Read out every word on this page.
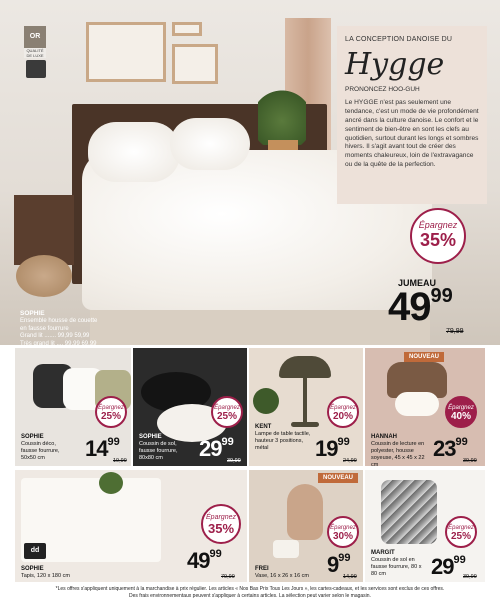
OR
QUALITÉ DE LUXE
LA CONCEPTION DANOISE DU
Hygge
PRONONCEZ HOO-GUH
Le HYGGE n'est pas seulement une tendance, c'est un mode de vie profondément ancré dans la culture danoise. Le confort et le sentiment de bien-être en sont les clefs au quotidien, surtout durant les longs et sombres hivers. Il s'agit avant tout de créer des moments chaleureux, loin de l'extravagance ou de la quête de la perfection.
Épargnez
35%
JUMEAU
4999
79,99
SOPHIE
Ensemble housse de couette
en fausse fourrure
Grand lit ....... 99,99 59,99
Très grand lit .... 99,99 69,99
SOPHIE
Coussin déco, fausse fourrure, 50x50 cm
Épargnez
25%
$14^{99}$
19,99
SOPHIE
Coussin de sol, fausse fourrure, 80x80 cm
Épargnez
25%
$29^{99}$
39,99
KENT
Lampe de table tactile, hauteur 3 positions, métal
Épargnez
20%
$19^{99}$
24,99
HANNAH
Coussin de lecture en polyester, housse soyeuse, 45 x 45 x 22 cm
Épargnez
40%
$23^{99}$
39,99
NOUVEAU
SOPHIE
Tapis, 120 x 180 cm
Épargnez
35%
$49^{99}$
79,99
dd
FREI
Vase, 16 x 26 x 16 cm
Épargnez
30%
$9^{99}$
14,99
NOUVEAU
MARGIT
Coussin de sol en fausse fourrure, 80 x 80 cm
Épargnez
25%
$29^{99}$
39,99
*Les offres s'appliquent uniquement à la marchandise à prix régulier. Les articles « Nos Bas Prix Tous Les Jours », les cartes-cadeaux, et les services sont exclus de ces offres.
Des frais environnementaux peuvent s'appliquer à certains articles. La sélection peut varier selon le magasin.
